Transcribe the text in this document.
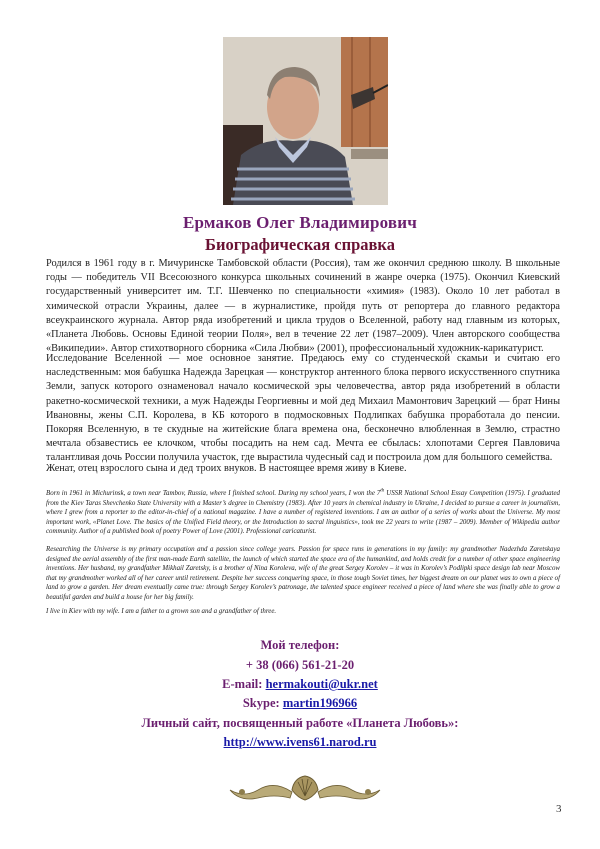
Ермаков Олег Владимирович
Биографическая справка

Родился в 1961 году в г. Мичуринске Тамбовской области (Россия), там же окончил среднюю школу. В школьные годы — победитель VII Всесоюзного конкурса школьных сочинений в жанре очерка (1975). Окончил Киевский государственный университет им. Т.Г. Шевченко по специальности «химия» (1983). Около 10 лет работал в химической отрасли Украины, далее — в журналистике, пройдя путь от репортера до главного редактора всеукраинского журнала. Автор ряда изобретений и цикла трудов о Вселенной, работу над главным из которых, «Планета Любовь. Основы Единой теории Поля», вел в течение 22 лет (1987–2009). Член авторского сообщества «Википедии». Автор стихотворного сборника «Сила Любви» (2001), профессиональный художник-карикатурист.

Исследование Вселенной — мое основное занятие. Предаюсь ему со студенческой скамьи и считаю его наследственным: моя бабушка Надежда Зарецкая — конструктор антенного блока первого искусственного спутника Земли, запуск которого ознаменовал начало космической эры человечества, автор ряда изобретений в области ракетно-космической техники, а муж Надежды Георгиевны и мой дед Михаил Мамонтович Зарецкий — брат Нины Ивановны, жены С.П. Королева, в КБ которого в подмосковных Подлипках бабушка проработала до пенсии. Покоряя Вселенную, в те скудные на житейские блага времена она, бесконечно влюбленная в Землю, страстно мечтала обзавестись ее клочком, чтобы посадить на нем сад. Мечта ее сбылась: хлопотами Сергея Павловича талантливая дочь России получила участок, где вырастила чудесный сад и построила дом для большого семейства.

Женат, отец взрослого сына и дед троих внуков. В настоящее время живу в Киеве.

Born in 1961 in Michurinsk, a town near Tambov, Russia, where I finished school. During my school years, I won the 7th USSR National School Essay Competition (1975). I graduated from the Kiev Taras Shevchenko State University with a Master’s degree in Chemistry (1983). After 10 years in chemical industry in Ukraine, I decided to pursue a career in journalism, where I grew from a reporter to the editor-in-chief of a national magazine. I have a number of registered inventions. I am an author of a series of works about the Universe. My most important work, «Planet Love. The basics of the Unified Field theory, or the Introduction to sacral linguistics», took me 22 years to write (1987 – 2009). Member of Wikipedia author community. Author of a published book of poetry Power of Love (2001). Professional caricaturist.

Researching the Universe is my primary occupation and a passion since college years. Passion for space runs in generations in my family: my grandmother Nadezhda Zaretskaya designed the aerial assembly of the first man-made Earth satellite, the launch of which started the space era of the humankind, and holds credit for a number of other space engineering inventions. Her husband, my grandfather Mikhail Zaretsky, is a brother of Nina Koroleva, wife of the great Sergey Korolev – it was in Korolev’s Podlipki space design lab near Moscow that my grandmother worked all of her career until retirement. Despite her success conquering space, in those tough Soviet times, her biggest dream on our planet was to own a piece of land to grow a garden. Her dream eventually came true: through Sergey Korolev’s patronage, the talented space engineer received a piece of land where she was finally able to grow a beautiful garden and build a house for her big family.

I live in Kiev with my wife. I am a father to a grown son and a grandfather of three.

Мой телефон:
+ 38 (066) 561-21-20
E-mail: hermakouti@ukr.net
Skype: martin196966
Личный сайт, посвященный работе «Планета Любовь»:
http://www.ivens61.narod.ru
3
